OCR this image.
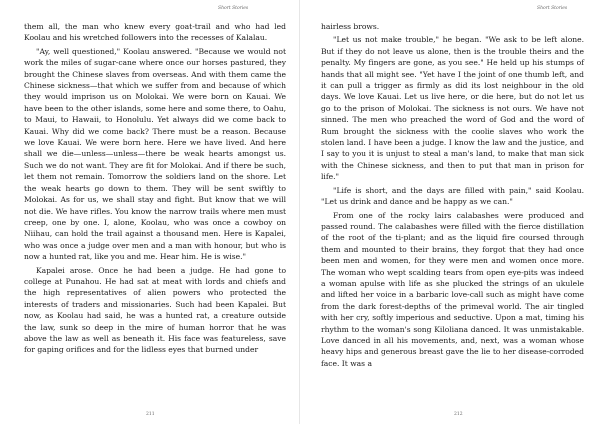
Short Stories

them all, the man who knew every goat-trail and who had led Koolau and his wretched followers into the recesses of Kalalau.

"Ay, well questioned," Koolau answered. "Because we would not work the miles of sugar-cane where once our horses pastured, they brought the Chinese slaves from overseas. And with them came the Chinese sickness—that which we suffer from and because of which they would imprison us on Molokai. We were born on Kauai. We have been to the other islands, some here and some there, to Oahu, to Maui, to Hawaii, to Honolulu. Yet always did we come back to Kauai. Why did we come back? There must be a reason. Because we love Kauai. We were born here. Here we have lived. And here shall we die—unless—unless—there be weak hearts amongst us. Such we do not want. They are fit for Molokai. And if there be such, let them not remain. Tomorrow the soldiers land on the shore. Let the weak hearts go down to them. They will be sent swiftly to Molokai. As for us, we shall stay and fight. But know that we will not die. We have rifles. You know the narrow trails where men must creep, one by one. I, alone, Koolau, who was once a cowboy on Niihau, can hold the trail against a thousand men. Here is Kapalei, who was once a judge over men and a man with honour, but who is now a hunted rat, like you and me. Hear him. He is wise."

Kapalei arose. Once he had been a judge. He had gone to college at Punahou. He had sat at meat with lords and chiefs and the high representatives of alien powers who protected the interests of traders and missionaries. Such had been Kapalei. But now, as Koolau had said, he was a hunted rat, a creature outside the law, sunk so deep in the mire of human horror that he was above the law as well as beneath it. His face was featureless, save for gaping orifices and for the lidless eyes that burned under

211
Short Stories

hairless brows.

"Let us not make trouble," he began. "We ask to be left alone. But if they do not leave us alone, then is the trouble theirs and the penalty. My fingers are gone, as you see." He held up his stumps of hands that all might see. "Yet have I the joint of one thumb left, and it can pull a trigger as firmly as did its lost neighbour in the old days. We love Kauai. Let us live here, or die here, but do not let us go to the prison of Molokai. The sickness is not ours. We have not sinned. The men who preached the word of God and the word of Rum brought the sickness with the coolie slaves who work the stolen land. I have been a judge. I know the law and the justice, and I say to you it is unjust to steal a man's land, to make that man sick with the Chinese sickness, and then to put that man in prison for life."

"Life is short, and the days are filled with pain," said Koolau. "Let us drink and dance and be happy as we can."

From one of the rocky lairs calabashes were produced and passed round. The calabashes were filled with the fierce distillation of the root of the ti-plant; and as the liquid fire coursed through them and mounted to their brains, they forgot that they had once been men and women, for they were men and women once more. The woman who wept scalding tears from open eye-pits was indeed a woman apulse with life as she plucked the strings of an ukulele and lifted her voice in a barbaric love-call such as might have come from the dark forest-depths of the primeval world. The air tingled with her cry, softly imperious and seductive. Upon a mat, timing his rhythm to the woman's song Kiloliana danced. It was unmistakable. Love danced in all his movements, and, next, was a woman whose heavy hips and generous breast gave the lie to her disease-corroded face. It was a

212
